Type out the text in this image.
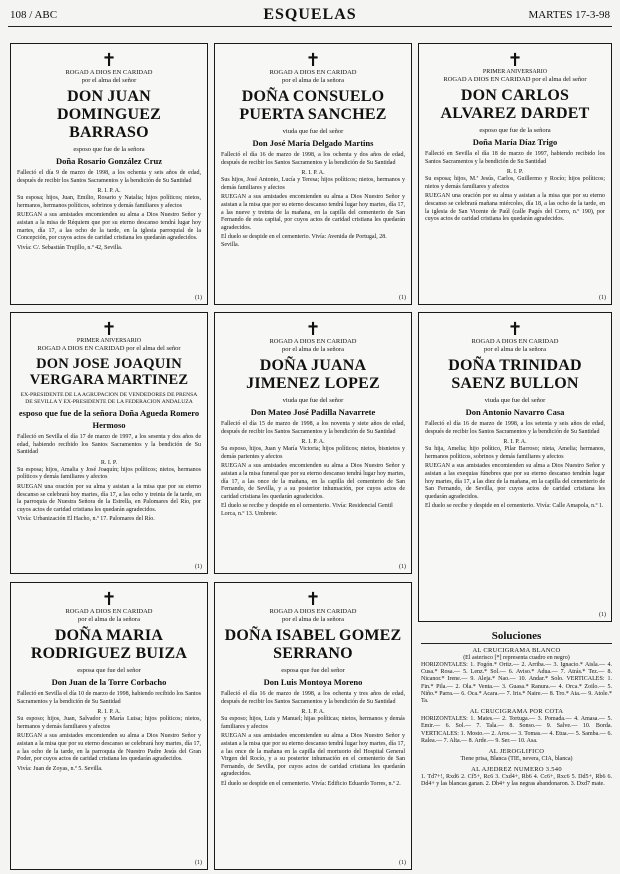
108 / ABC	ESQUELAS	MARTES 17-3-98
✝
ROGAD A DIOS EN CARIDAD
por el alma del señor
DON JUAN DOMINGUEZ BARRASO
esposo que fue de la señora
Doña Rosario González Cruz

Falleció el día 9 de marzo de 1998, a los ochenta y seis años de edad, después de recibir los Santos Sacramentos y la bendición de Su Santidad

R. I. P. A.

Su esposa; hijos, Juan, Emilio, Rosario y Natalia; hijos políticos; nietos, hermanos, hermanos políticos, sobrinos y demás familiares y afectos

RUEGAN a sus amistades encomienden su alma a Dios Nuestro Señor y asistan a la misa de Réquiem que por su eterno descanso tendrá lugar hoy martes, día 17, a las ocho de la tarde, en la iglesia parroquial de la Concepción, por cuyos actos de caridad cristiana les quedarán agradecidos.

Vivía: C/. Sebastián Trujillo, n.º 42, Sevilla.
(1)
✝
ROGAD A DIOS EN CARIDAD
por el alma de la señora
DOÑA CONSUELO PUERTA SANCHEZ
viuda que fue del señor
Don José María Delgado Martins

Falleció el día 16 de marzo de 1998, a los ochenta y dos años de edad, después de recibir los Santos Sacramentos y la bendición de Su Santidad

R. I. P. A.

Sus hijos, José Antonio, Lucía y Teresa; hijos políticos; nietos, hermanos y demás familiares y afectos

RUEGAN a sus amistades encomienden su alma a Dios Nuestro Señor y asistan a la misa que por su eterno descanso tendrá lugar hoy martes, día 17, a las nueve y treinta de la mañana, en la capilla del cementerio de San Fernando de esta capital, por cuyos actos de caridad cristiana les quedarán agradecidos.

El duelo se despide en el cementerio. Vivía: Avenida de Portugal, 28. Sevilla.
(1)
✝
PRIMER ANIVERSARIO
ROGAD A DIOS EN CARIDAD por el alma del señor
DON CARLOS ALVAREZ DARDET
esposo que fue de la señora
Doña María Díaz Trigo

Falleció en Sevilla el día 18 de marzo de 1997, habiendo recibido los Santos Sacramentos y la bendición de Su Santidad

R. I. P.

Su esposa; hijos, M.ª Jesús, Carlos, Guillermo y Rocío; hijos políticos; nietos y demás familiares y afectos

RUEGAN una oración por su alma y asistan a la misa que por su eterno descanso se celebrará mañana miércoles, día 18, a las ocho de la tarde, en la iglesia de San Vicente de Paúl (calle Pagés del Corro, n.º 190), por cuyos actos de caridad cristiana les quedarán agradecidos.

(1)
✝
PRIMER ANIVERSARIO
ROGAD A DIOS EN CARIDAD por el alma del señor
DON JOSE JOAQUIN VERGARA MARTINEZ
EX-PRESIDENTE DE LA AGRUPACION DE VENDEDORES DE PRENSA DE SEVILLA Y EX-PRESIDENTE DE LA FEDERACION ANDALUZA
esposo que fue de la señora Doña Agueda Romero Hermoso

Falleció en Sevilla el día 17 de marzo de 1997, a los sesenta y dos años de edad, habiendo recibido los Santos Sacramentos y la bendición de Su Santidad

R. I. P.

Su esposa; hijos, Amalia y José Joaquín; hijos políticos; nietos, hermanos políticos y demás familiares y afectos

RUEGAN una oración por su alma y asistan a la misa que por su eterno descanso se celebrará hoy martes, día 17, a las ocho y treinta de la tarde, en la parroquia de Nuestra Señora de la Estrella, en Palomares del Río, por cuyos actos de caridad cristiana les quedarán agradecidos.

Vivía: Urbanización El Hacho, n.º 17. Palomares del Río.
(1)
✝
ROGAD A DIOS EN CARIDAD
por el alma de la señora
DOÑA JUANA JIMENEZ LOPEZ
viuda que fue del señor
Don Mateo José Padilla Navarrete

Falleció el día 15 de marzo de 1998, a los noventa y siete años de edad, después de recibir los Santos Sacramentos y la bendición de Su Santidad

R. I. P. A.

Su esposo, hijos, Juan y María Victoria; hijos políticos; nietos, bisnietos y demás parientes y afectos

RUEGAN a sus amistades encomienden su alma a Dios Nuestro Señor y asistan a la misa funeral que por su eterno descanso tendrá lugar hoy martes, día 17, a las once de la mañana, en la capilla del cementerio de San Fernando, de Sevilla, y a su posterior inhumación, por cuyos actos de caridad cristiana les quedarán agradecidos.

El duelo se recibe y despide en el cementerio. Vivía: Residencial Gentil Lorca, n.º 13. Umbrete.
(1)
✝
ROGAD A DIOS EN CARIDAD
por el alma de la señora
DOÑA TRINIDAD SAENZ BULLON
viuda que fue del señor
Don Antonio Navarro Casa

Falleció el día 16 de marzo de 1998, a los setenta y seis años de edad, después de recibir los Santos Sacramentos y la bendición de Su Santidad

R. I. P. A.

Su hija, Amelia; hijo político, Pilar Barroso; nieta, Amelia; hermanos, hermanos políticos, sobrinos y demás familiares y afectos

RUEGAN a sus amistades encomienden su alma a Dios Nuestro Señor y asistan a las exequias fúnebres que por su eterno descanso tendrán lugar hoy martes, día 17, a las diez de la mañana, en la capilla del cementerio de San Fernando, de Sevilla, por cuyos actos de caridad cristiana les quedarán agradecidos.

El duelo se recibe y despide en el cementerio. Vivía: Calle Amapola, n.º 1.
(1)
✝
ROGAD A DIOS EN CARIDAD
por el alma de la señora
DOÑA MARIA RODRIGUEZ BUIZA
esposa que fue del señor
Don Juan de la Torre Corbacho

Falleció en Sevilla el día 10 de marzo de 1998, habiendo recibido los Santos Sacramentos y la bendición de Su Santidad

R. I. P. A.

Su esposo; hijos, Juan, Salvador y María Luisa; hijos políticos; nietos, hermanos y demás familiares y afectos

RUEGAN a sus amistades encomienden su alma a Dios Nuestro Señor y asistan a la misa que por su eterno descanso se celebrará hoy martes, día 17, a las ocho de la tarde, en la parroquia de Nuestro Padre Jesús del Gran Poder, por cuyos actos de caridad cristiana les quedarán agradecidos.

Vivía: Juan de Zoyas, n.º 5. Sevilla.
(1)
✝
ROGAD A DIOS EN CARIDAD
por el alma de la señora
DOÑA ISABEL GOMEZ SERRANO
esposa que fue del señor
Don Luis Montoya Moreno

Falleció el día 16 de marzo de 1998, a los ochenta y tres años de edad, después de recibir los Santos Sacramentos y la bendición de Su Santidad

R. I. P. A.

Su esposo; hijos, Luis y Manuel; hijas políticas; nietos, hermanos y demás familiares y afectos

RUEGAN a sus amistades encomienden su alma a Dios Nuestro Señor y asistan a la misa que por su eterno descanso tendrá lugar hoy martes, día 17, a las once de la mañana en la capilla del mortuorio del Hospital General Virgen del Rocío, y a su posterior inhumación en el cementerio de San Fernando, de Sevilla, por cuyos actos de caridad cristiana les quedarán agradecidos.

El duelo se despide en el cementerio. Vivía: Edificio Eduardo Torres, n.º 2.
(1)
Soluciones
AL CRUCIGRAMA BLANCO
(El asterisco [*] representa cuadro en negro)
HORIZONTALES: 1. Fogón.* Ortiz.— 2. Arriba.— 3. Ignacio.* Aisla.— 4. Cusa.* Rosa.— 5. Lenz.* Sol.— 6. Aviso.* Adua.— 7. Atrás.* Tez.— 8. Nicanor.* Irene.— 9. Aleja.* Nao.— 10. Andar.* Solo. VERTICALES: 1. Fin.* Pila.— 2. Ola.* Venta.— 3. Guasa.* Ranura.— 4. Orca.* Zoilo.— 5. Niño.* Parra.— 6. Oca.* Acara.— 7. Iris.* Naire.— 8. Tro.* Ata.— 9. Atole.* Ta.
AL CRUCIGRAMA POR COTA
HORIZONTALES: 1. Mates.— 2. Tortuga.— 3. Pomada.— 4. Amasa.— 5. Emir.— 6. Sol.— 7. Tala.— 8. Sonso.— 9. Salve.— 10. Borda. VERTICALES: 1. Mosto.— 2. Aros.— 3. Tomas.— 4. Etua.— 5. Samba.— 6. Ralea.— 7. Alta.— 8. Arde.— 9. Ser.— 10. Asa.
AL JEROGLIFICO
Tiene prisa, Blanca (TIE, nevera, CIA, blanca)
AL AJEDREZ NUMERO 3.540
1. Td7+!, Rxd6 2. Cf5+, Rc6 3. Cxd4+, Rb6 4. Cc6+, Rxc6 5. Dd5+, Rb6 6. Dd4+ y las blancas ganan. 2. Dh4+ y las negras abandonaron. 3. Dxd7 mate.
